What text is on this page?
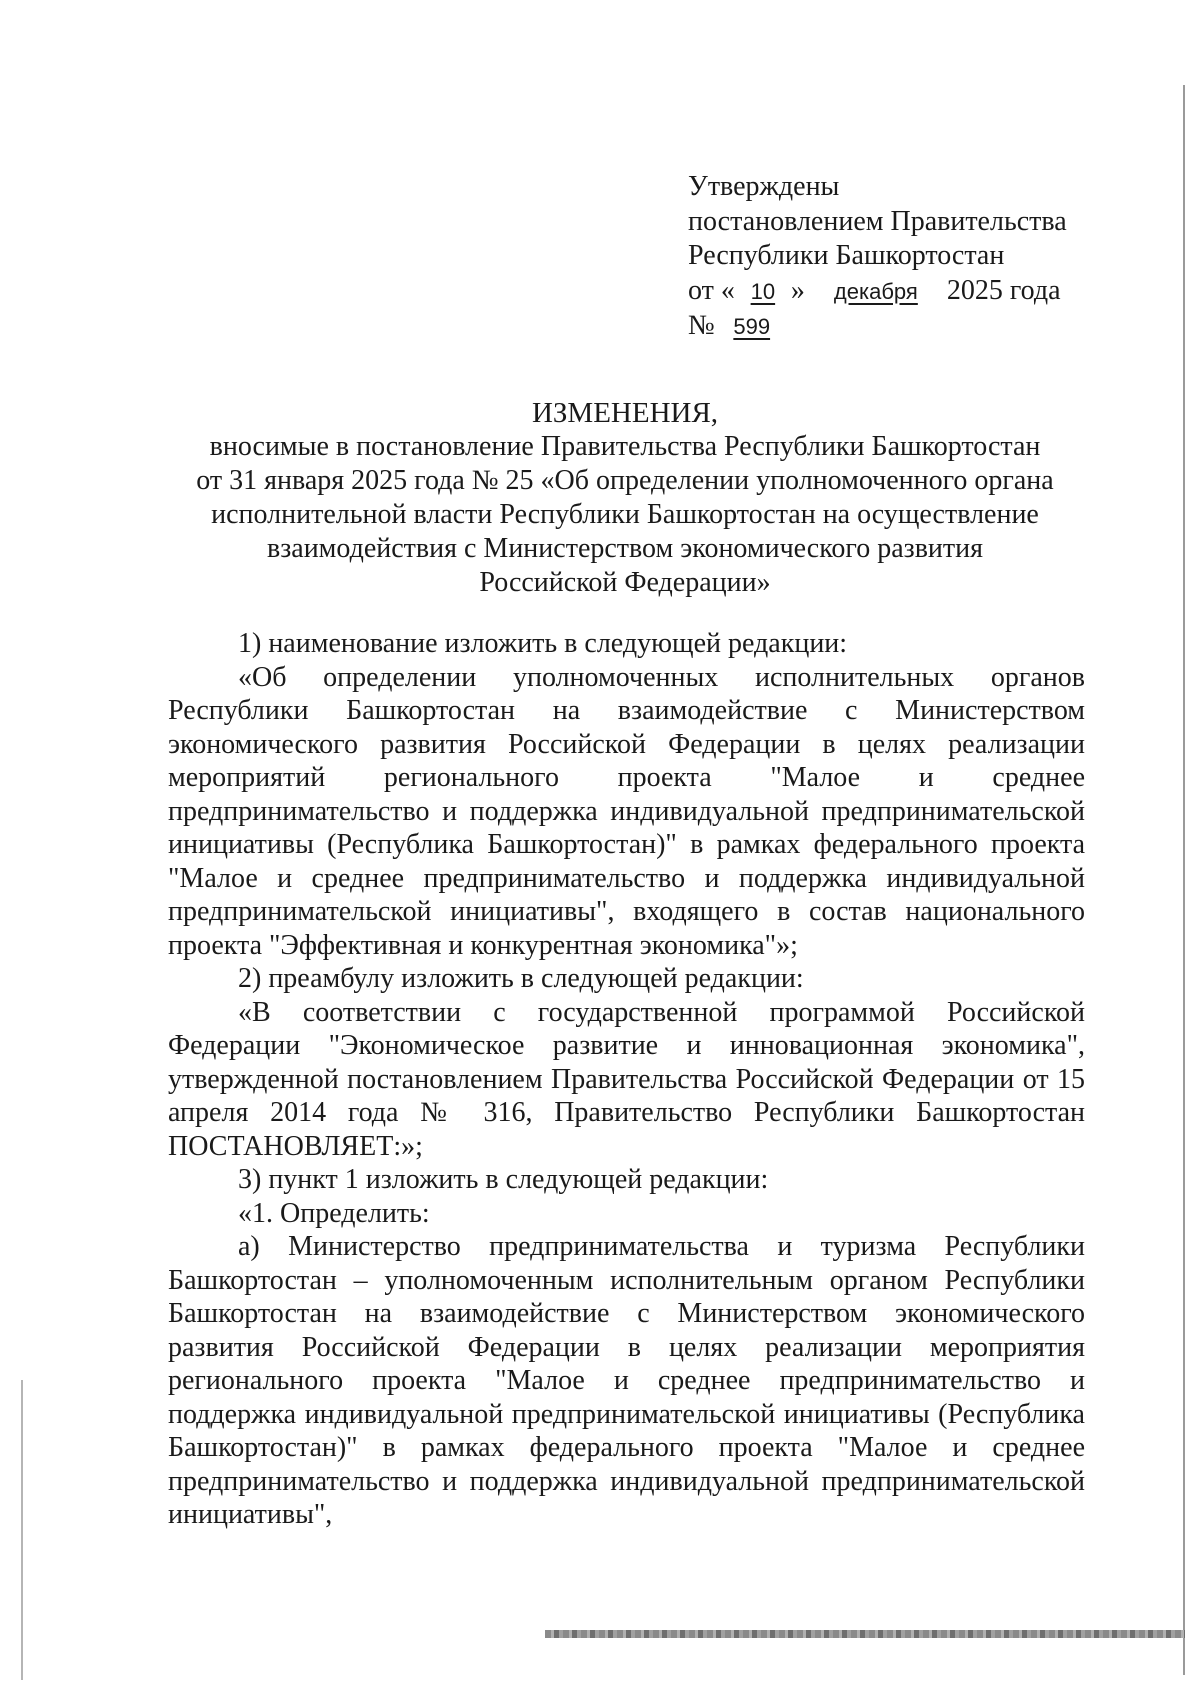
Утверждены
постановлением Правительства
Республики Башкортостан
от « 10 » декабря 2025 года
№ 599
ИЗМЕНЕНИЯ,
вносимые в постановление Правительства Республики Башкортостан
от 31 января 2025 года № 25 «Об определении уполномоченного органа
исполнительной власти Республики Башкортостан на осуществление
взаимодействия с Министерством экономического развития
Российской Федерации»

1) наименование изложить в следующей редакции:

«Об определении уполномоченных исполнительных органов Республики Башкортостан на взаимодействие с Министерством экономического развития Российской Федерации в целях реализации мероприятий регионального проекта "Малое и среднее предпринимательство и поддержка индивидуальной предпринимательской инициативы (Республика Башкортостан)" в рамках федерального проекта "Малое и среднее предпринимательство и поддержка индивидуальной предпринимательской инициативы", входящего в состав национального проекта "Эффективная и конкурентная экономика"»;

2) преамбулу изложить в следующей редакции:

«В соответствии с государственной программой Российской Федерации "Экономическое развитие и инновационная экономика", утвержденной постановлением Правительства Российской Федерации от 15 апреля 2014 года № 316, Правительство Республики Башкортостан ПОСТАНОВЛЯЕТ:»;

3) пункт 1 изложить в следующей редакции:

«1. Определить:

а) Министерство предпринимательства и туризма Республики Башкортостан – уполномоченным исполнительным органом Республики Башкортостан на взаимодействие с Министерством экономического развития Российской Федерации в целях реализации мероприятия регионального проекта "Малое и среднее предпринимательство и поддержка индивидуальной предпринимательской инициативы (Республика Башкортостан)" в рамках федерального проекта "Малое и среднее предпринимательство и поддержка индивидуальной предпринимательской инициативы",
